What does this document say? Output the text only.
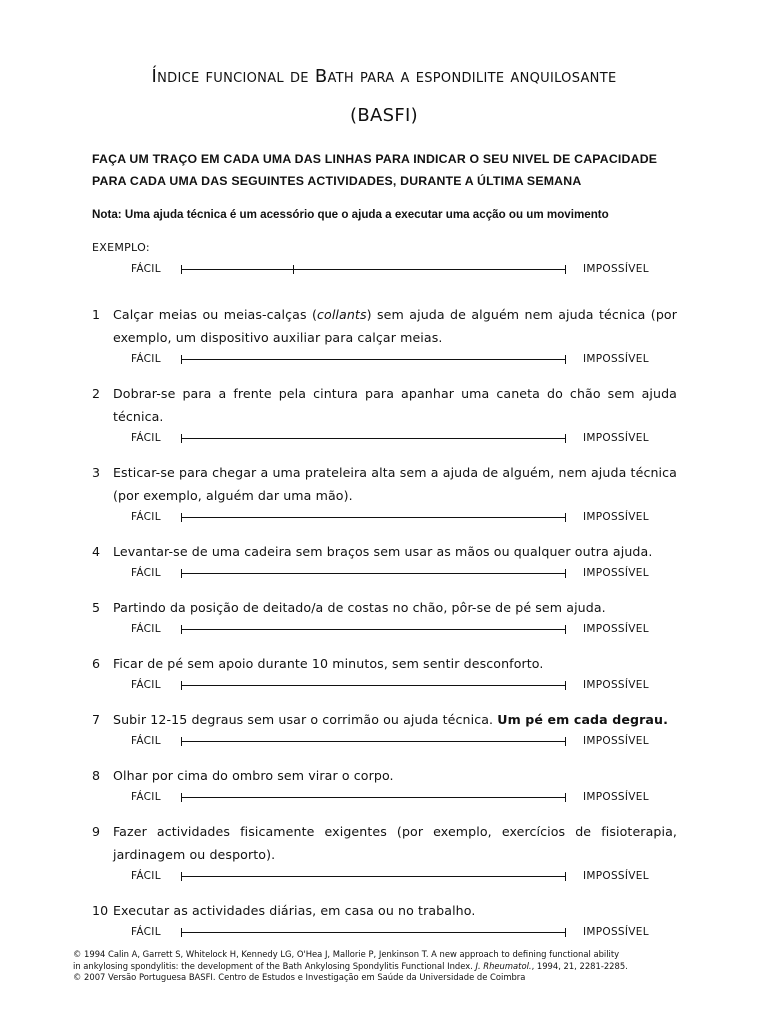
Índice funcional de Bath para a espondilite anquilosante
(BASFI)
FAÇA UM TRAÇO EM CADA UMA DAS LINHAS PARA INDICAR O SEU NIVEL DE CAPACIDADE
PARA CADA UMA DAS SEGUINTES ACTIVIDADES, DURANTE A ÚLTIMA SEMANA
Nota: Uma ajuda técnica é um acessório que o ajuda a executar uma acção ou um movimento
EXEMPLO:
FÁCIL	IMPOSSÍVEL
1 Calçar meias ou meias-calças (collants) sem ajuda de alguém nem ajuda técnica (por exemplo, um dispositivo auxiliar para calçar meias.
FÁCIL	IMPOSSÍVEL
2 Dobrar-se para a frente pela cintura para apanhar uma caneta do chão sem ajuda técnica.
FÁCIL	IMPOSSÍVEL
3 Esticar-se para chegar a uma prateleira alta sem a ajuda de alguém, nem ajuda técnica (por exemplo, alguém dar uma mão).
FÁCIL	IMPOSSÍVEL
4 Levantar-se de uma cadeira sem braços sem usar as mãos ou qualquer outra ajuda.
FÁCIL	IMPOSSÍVEL
5 Partindo da posição de deitado/a de costas no chão, pôr-se de pé sem ajuda.
FÁCIL	IMPOSSÍVEL
6 Ficar de pé sem apoio durante 10 minutos, sem sentir desconforto.
FÁCIL	IMPOSSÍVEL
7 Subir 12-15 degraus sem usar o corrimão ou ajuda técnica. Um pé em cada degrau.
FÁCIL	IMPOSSÍVEL
8 Olhar por cima do ombro sem virar o corpo.
FÁCIL	IMPOSSÍVEL
9 Fazer actividades fisicamente exigentes (por exemplo, exercícios de fisioterapia, jardinagem ou desporto).
FÁCIL	IMPOSSÍVEL
10 Executar as actividades diárias, em casa ou no trabalho.
FÁCIL	IMPOSSÍVEL
© 1994 Calin A, Garrett S, Whitelock H, Kennedy LG, O'Hea J, Mallorie P, Jenkinson T. A new approach to defining functional ability
in ankylosing spondylitis: the development of the Bath Ankylosing Spondylitis Functional Index. J. Rheumatol., 1994, 21, 2281-2285.
© 2007 Versão Portuguesa BASFI. Centro de Estudos e Investigação em Saúde da Universidade de Coimbra
